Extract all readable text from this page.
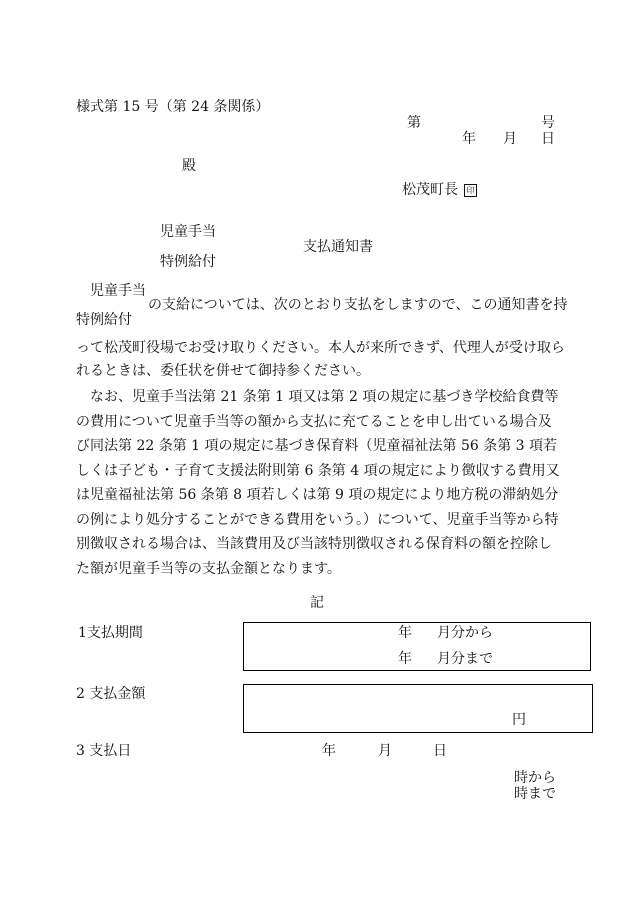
様式第 15 号（第 24 条関係）
第	号
年 月 日
殿
松茂町長 印
児童手当
支払通知書
特例給付
児童手当
の支給については、次のとおり支払をしますので、この通知書を持
特例給付
って松茂町役場でお受け取りください。本人が来所できず、代理人が受け取ら
れるときは、委任状を併せて御持参ください。
なお、児童手当法第 21 条第 1 項又は第 2 項の規定に基づき学校給食費等の費用について児童手当等の額から支払に充てることを申し出ている場合及び同法第 22 条第 1 項の規定に基づき保育料（児童福祉法第 56 条第 3 項若しくは子ども・子育て支援法附則第 6 条第 4 項の規定により徴収する費用又は児童福祉法第 56 条第 8 項若しくは第 9 項の規定により地方税の滞納処分の例により処分することができる費用をいう。）について、児童手当等から特別徴収される場合は、当該費用及び当該特別徴収される保育料の額を控除した額が児童手当等の支払金額となります。
記
1支払期間	年 月分から
年 月分まで
2 支払金額
円
3 支払日	年	月	日
時から
時まで
